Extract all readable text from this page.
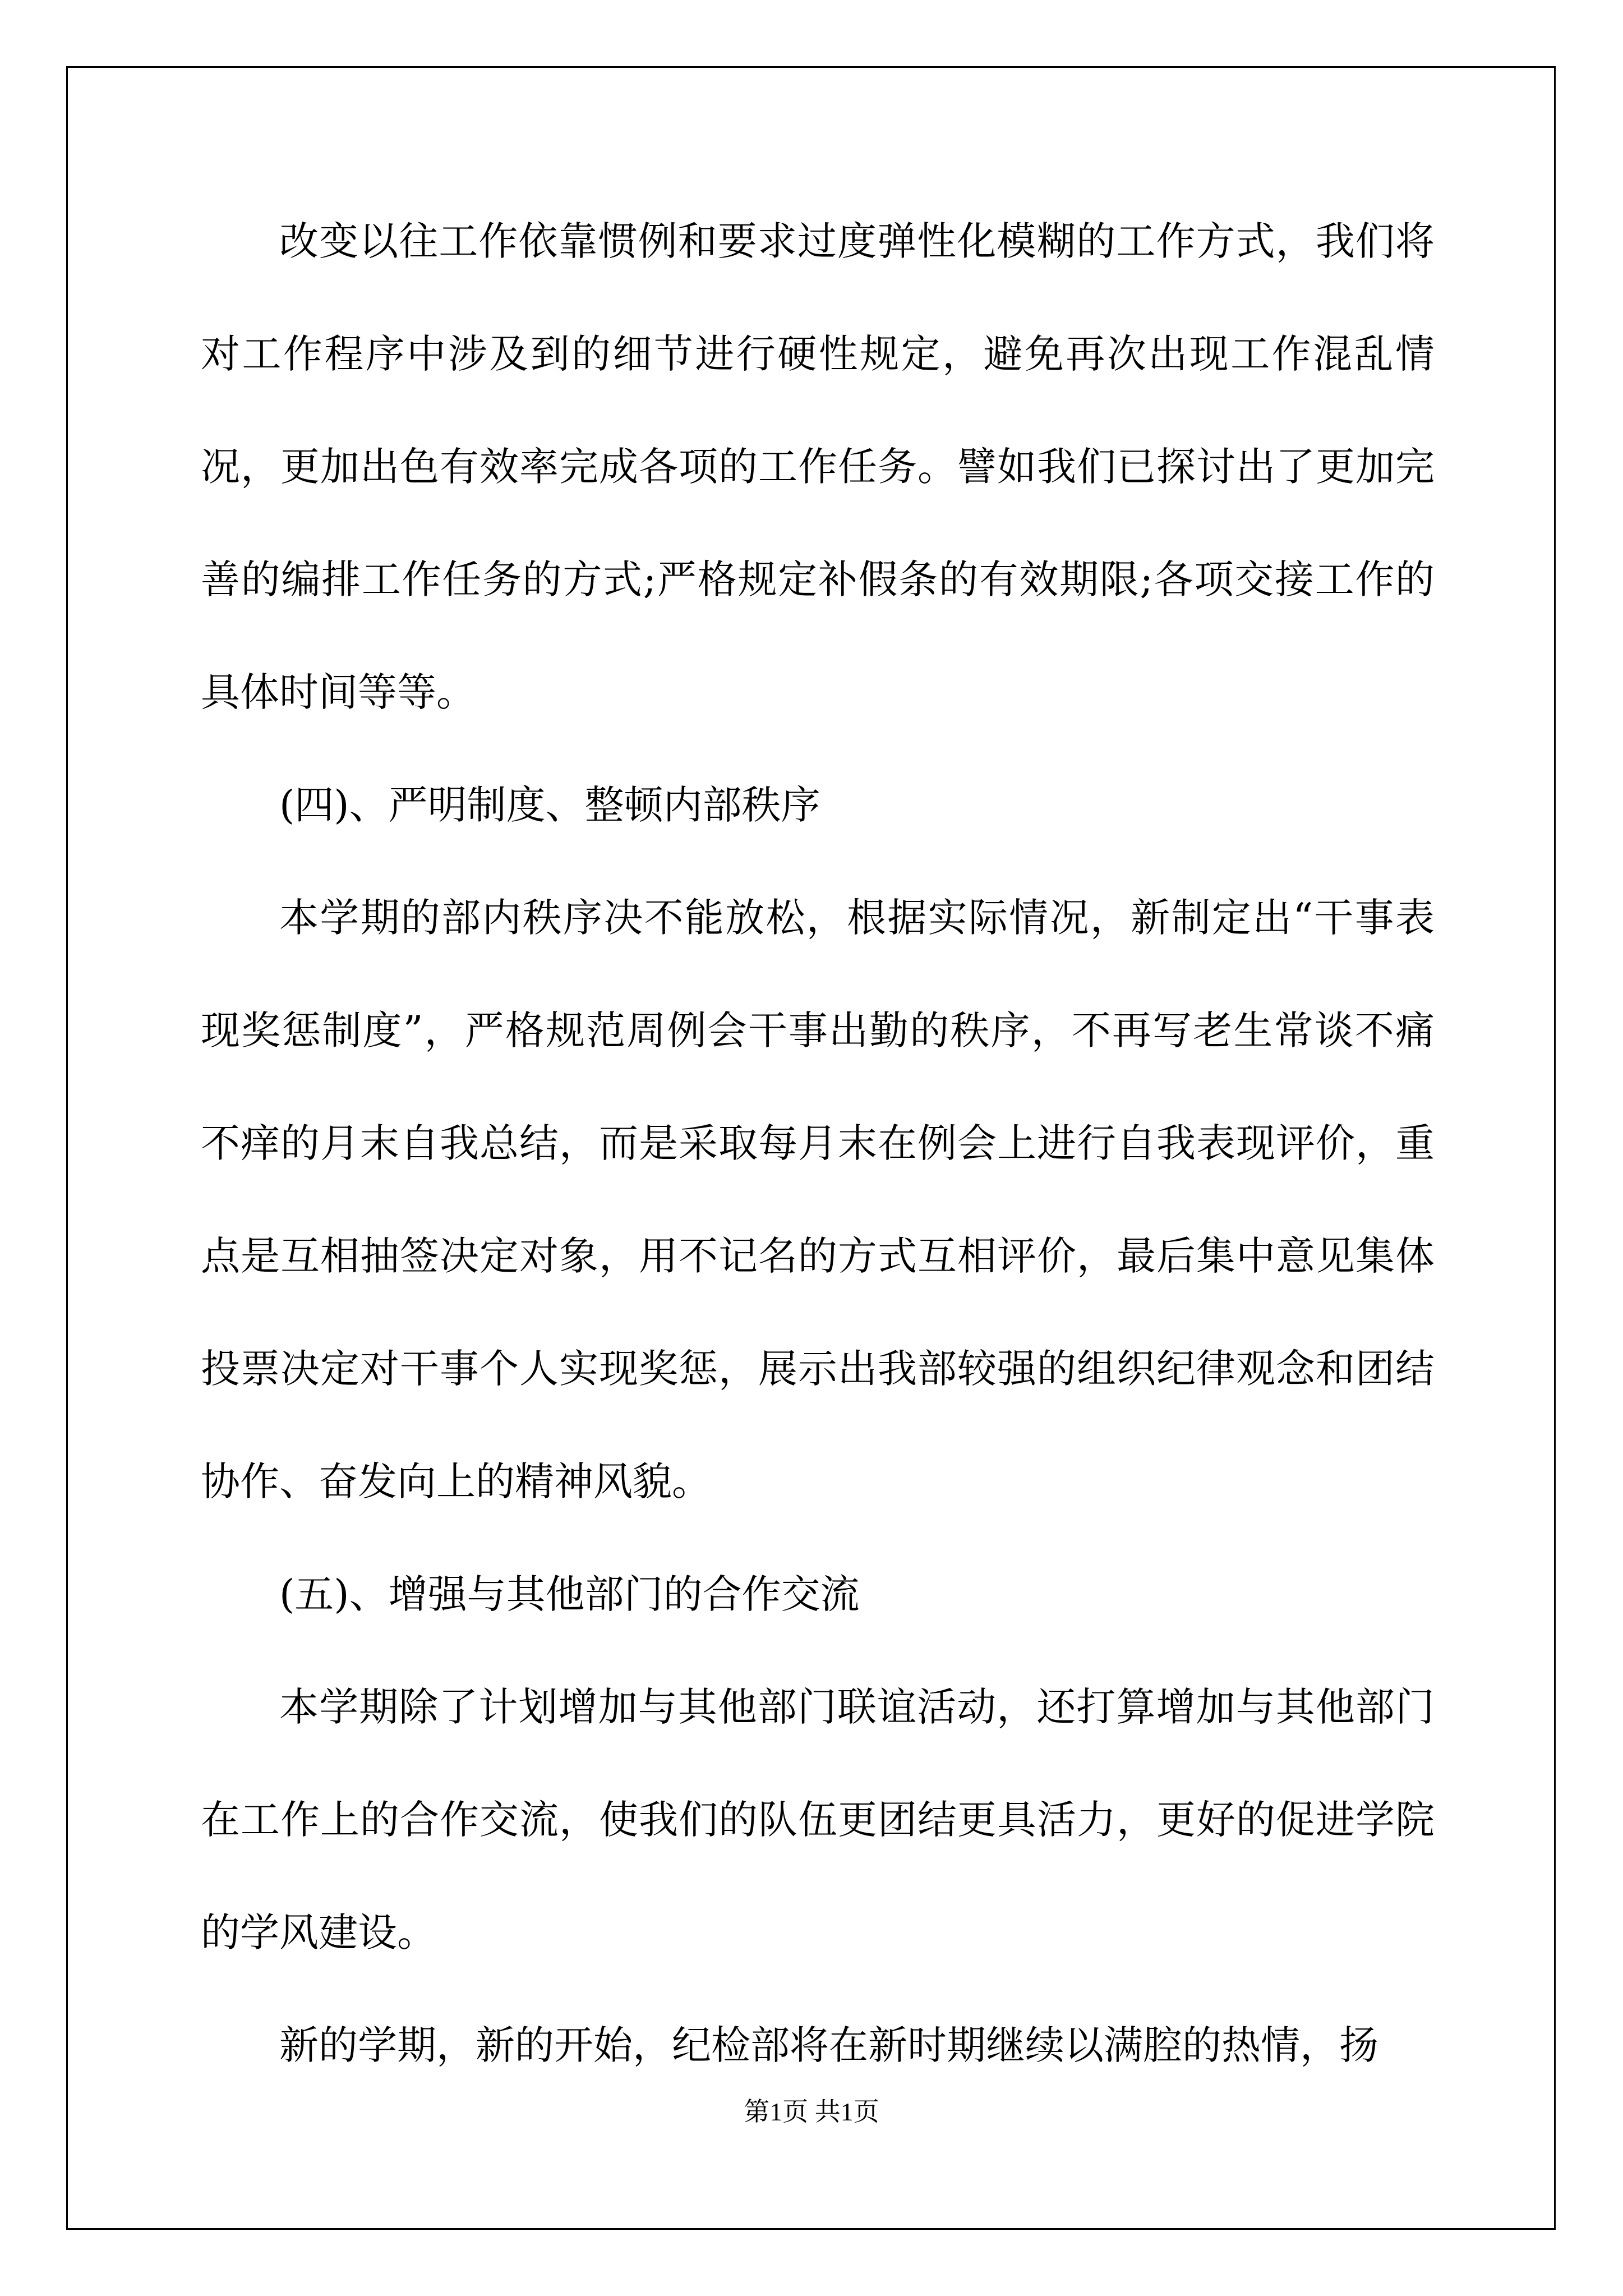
改变以往工作依靠惯例和要求过度弹性化模糊的工作方式，我们将对工作程序中涉及到的细节进行硬性规定，避免再次出现工作混乱情况，更加出色有效率完成各项的工作任务。譬如我们已探讨出了更加完善的编排工作任务的方式;严格规定补假条的有效期限;各项交接工作的具体时间等等。

(四)、严明制度、整顿内部秩序

本学期的部内秩序决不能放松，根据实际情况，新制定出“干事表现奖惩制度”，严格规范周例会干事出勤的秩序，不再写老生常谈不痛不痒的月末自我总结，而是采取每月末在例会上进行自我表现评价，重点是互相抽签决定对象，用不记名的方式互相评价，最后集中意见集体投票决定对干事个人实现奖惩，展示出我部较强的组织纪律观念和团结协作、奋发向上的精神风貌。

(五)、增强与其他部门的合作交流

本学期除了计划增加与其他部门联谊活动，还打算增加与其他部门在工作上的合作交流，使我们的队伍更团结更具活力，更好的促进学院的学风建设。

新的学期，新的开始，纪检部将在新时期继续以满腔的热情，扬

第1页 共1页
